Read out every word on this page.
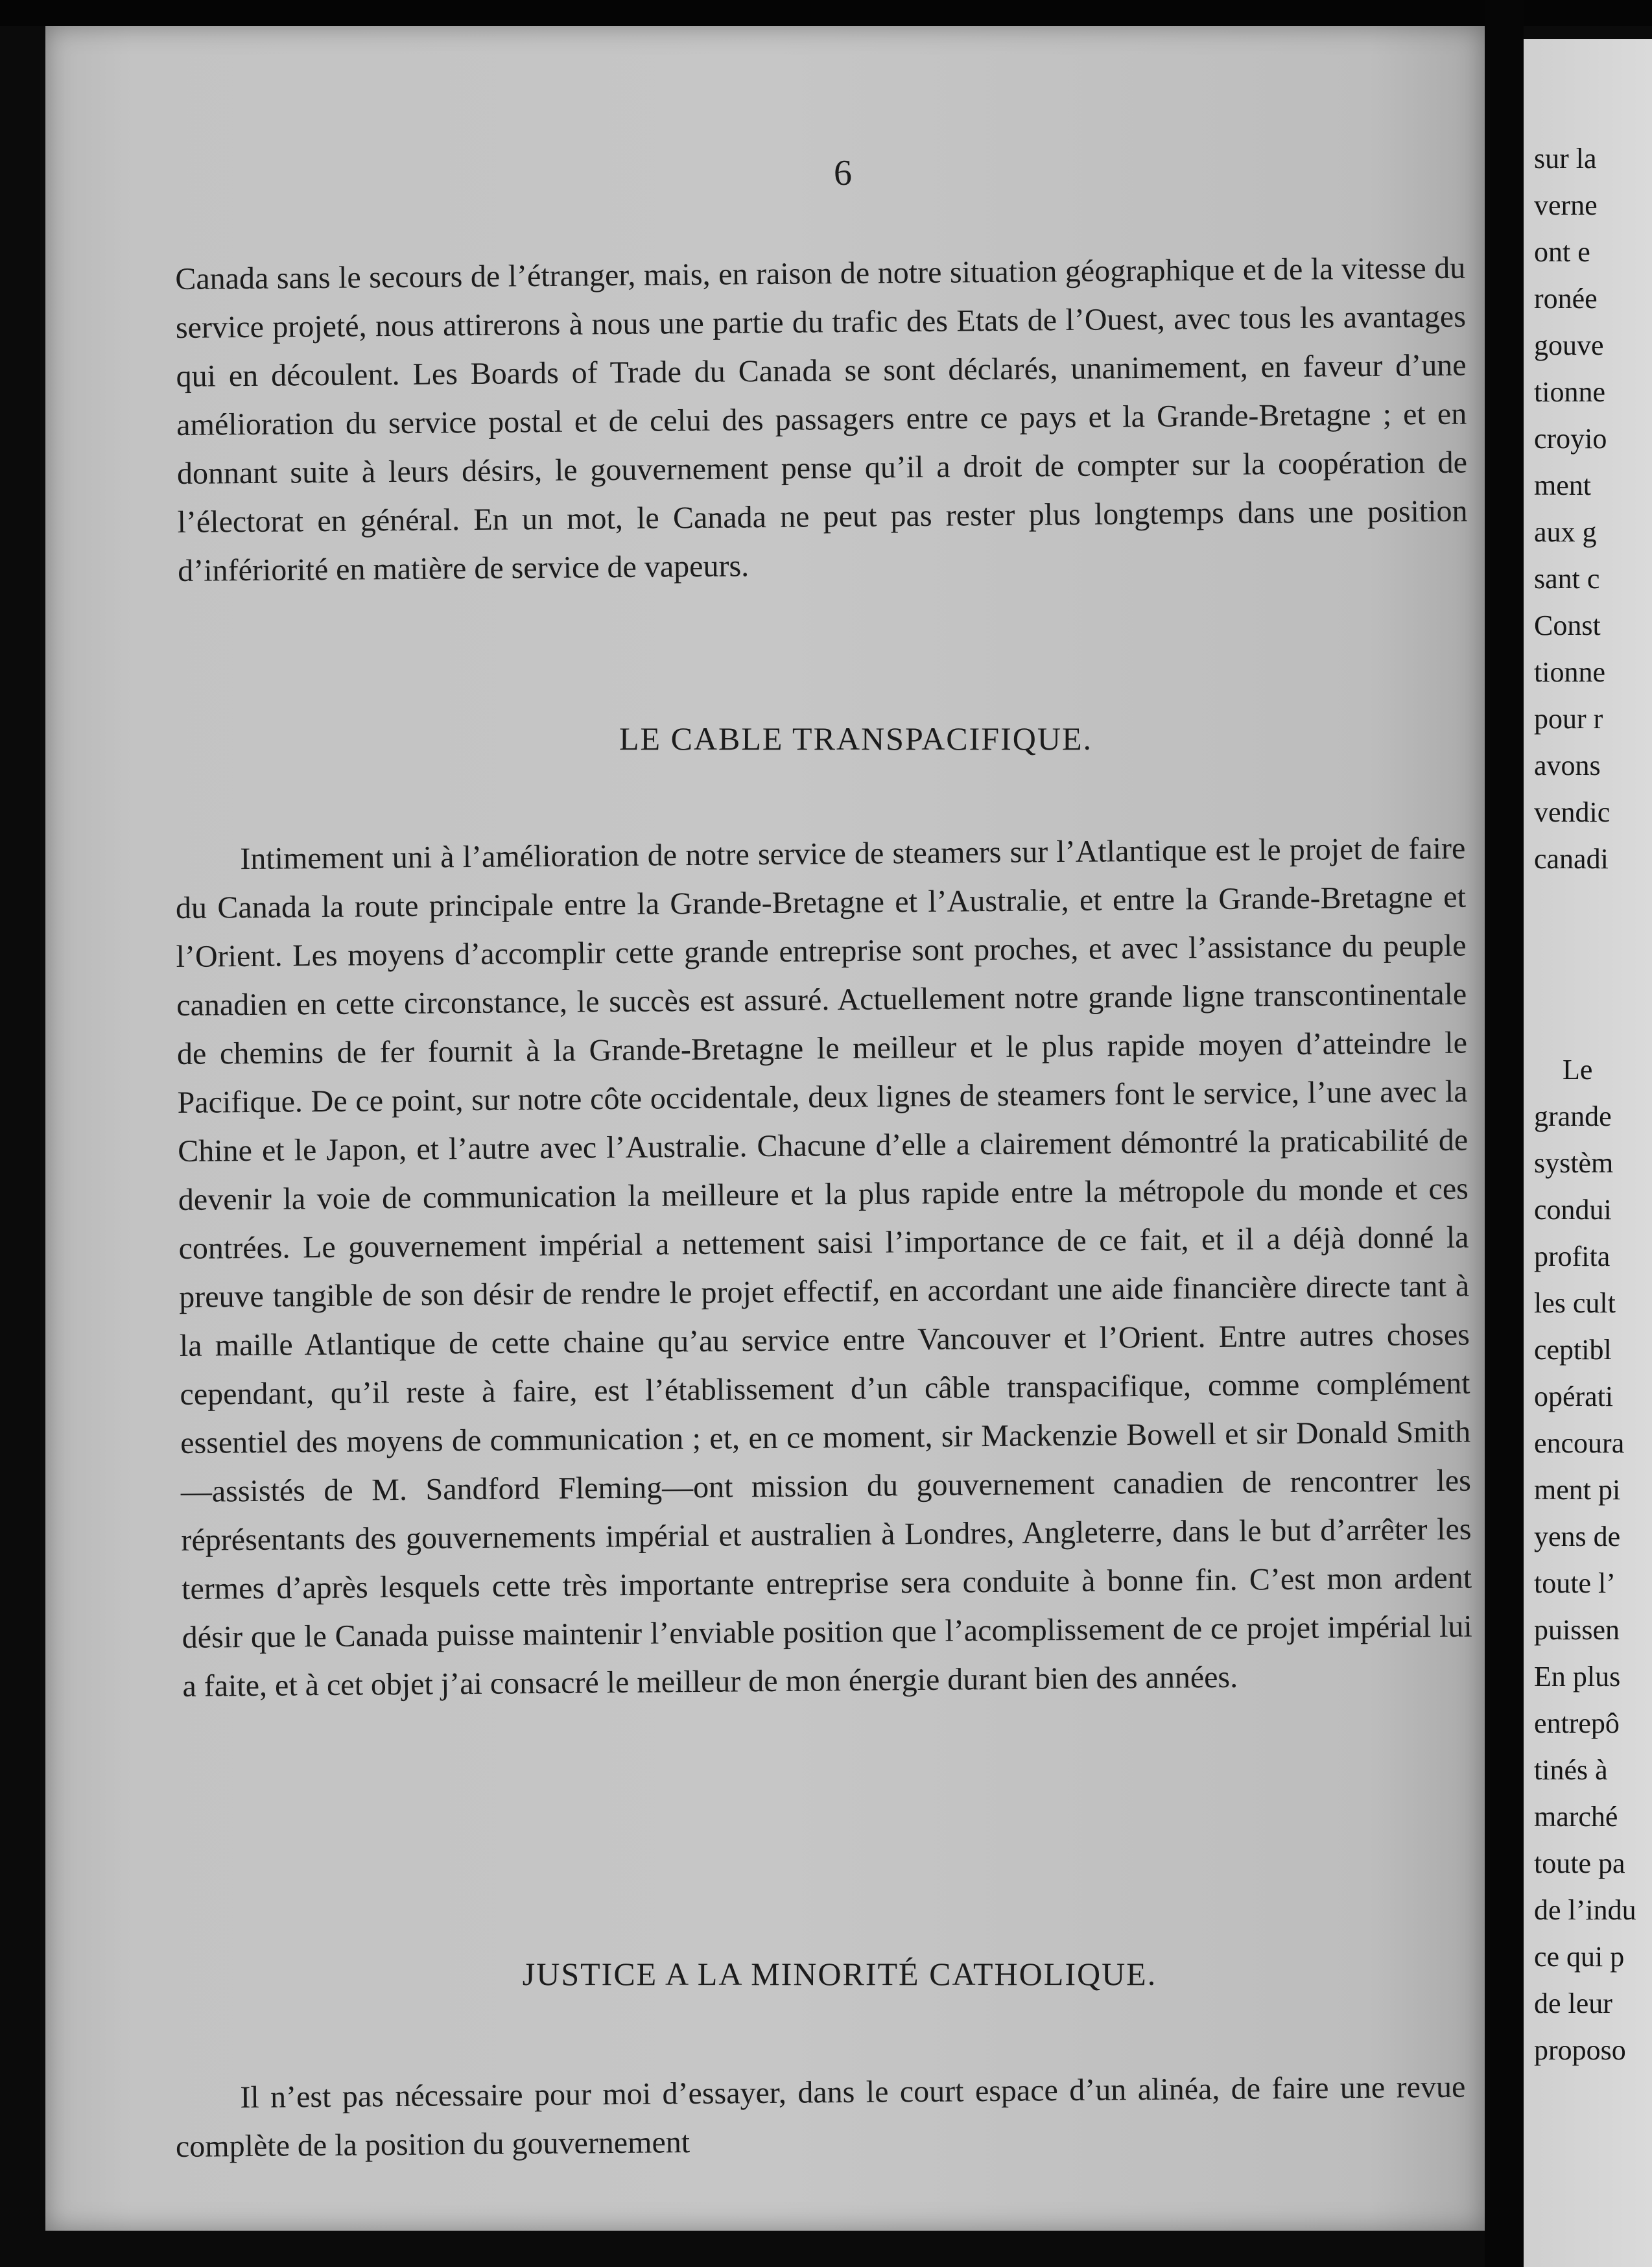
6

Canada sans le secours de l’étranger, mais, en raison de notre situation géographique et de la vitesse du service projeté, nous attirerons à nous une partie du trafic des Etats de l’Ouest, avec tous les avantages qui en découlent. Les Boards of Trade du Canada se sont déclarés, unanimement, en faveur d’une amélioration du service postal et de celui des passagers entre ce pays et la Grande-Bretagne ; et en donnant suite à leurs désirs, le gouvernement pense qu’il a droit de compter sur la coopération de l’électorat en général. En un mot, le Canada ne peut pas rester plus longtemps dans une position d’infériorité en matière de service de vapeurs.

LE CABLE TRANSPACIFIQUE.

Intimement uni à l’amélioration de notre service de steamers sur l’Atlantique est le projet de faire du Canada la route principale entre la Grande-Bretagne et l’Australie, et entre la Grande-Bretagne et l’Orient. Les moyens d’accomplir cette grande entreprise sont proches, et avec l’assistance du peuple canadien en cette circonstance, le succès est assuré. Actuellement notre grande ligne transcontinentale de chemins de fer fournit à la Grande-Bretagne le meilleur et le plus rapide moyen d’atteindre le Pacifique. De ce point, sur notre côte occidentale, deux lignes de steamers font le service, l’une avec la Chine et le Japon, et l’autre avec l’Australie. Chacune d’elle a clairement démontré la praticabilité de devenir la voie de communication la meilleure et la plus rapide entre la métropole du monde et ces contrées. Le gouvernement impérial a nettement saisi l’importance de ce fait, et il a déjà donné la preuve tangible de son désir de rendre le projet effectif, en accordant une aide financière directe tant à la maille Atlantique de cette chaine qu’au service entre Vancouver et l’Orient. Entre autres choses cependant, qu’il reste à faire, est l’établissement d’un câble transpacifique, comme complément essentiel des moyens de communication ; et, en ce moment, sir Mackenzie Bowell et sir Donald Smith—assistés de M. Sandford Fleming—ont mission du gouvernement canadien de rencontrer les réprésentants des gouvernements impérial et australien à Londres, Angleterre, dans le but d’arrêter les termes d’après lesquels cette très importante entreprise sera conduite à bonne fin. C’est mon ardent désir que le Canada puisse maintenir l’enviable position que l’acomplissement de ce projet impérial lui a faite, et à cet objet j’ai consacré le meilleur de mon énergie durant bien des années.

JUSTICE A LA MINORITÉ CATHOLIQUE.

Il n’est pas nécessaire pour moi d’essayer, dans le court espace d’un alinéa, de faire une revue complète de la position du gouvernement

sur la
verne
ont e
ronée
gouve
tionne
croyio
ment
aux g
sant c
Const
tionne
pour r
avons
vendic
canadi
Le
grande
systèm
condui
profita
les cult
ceptibl
opérati
encoura
ment pi
yens de
toute l’
puissen
En plus
entrepô
tinés à
marché
toute pa
de l’indu
ce qui p
de leur
proposo
